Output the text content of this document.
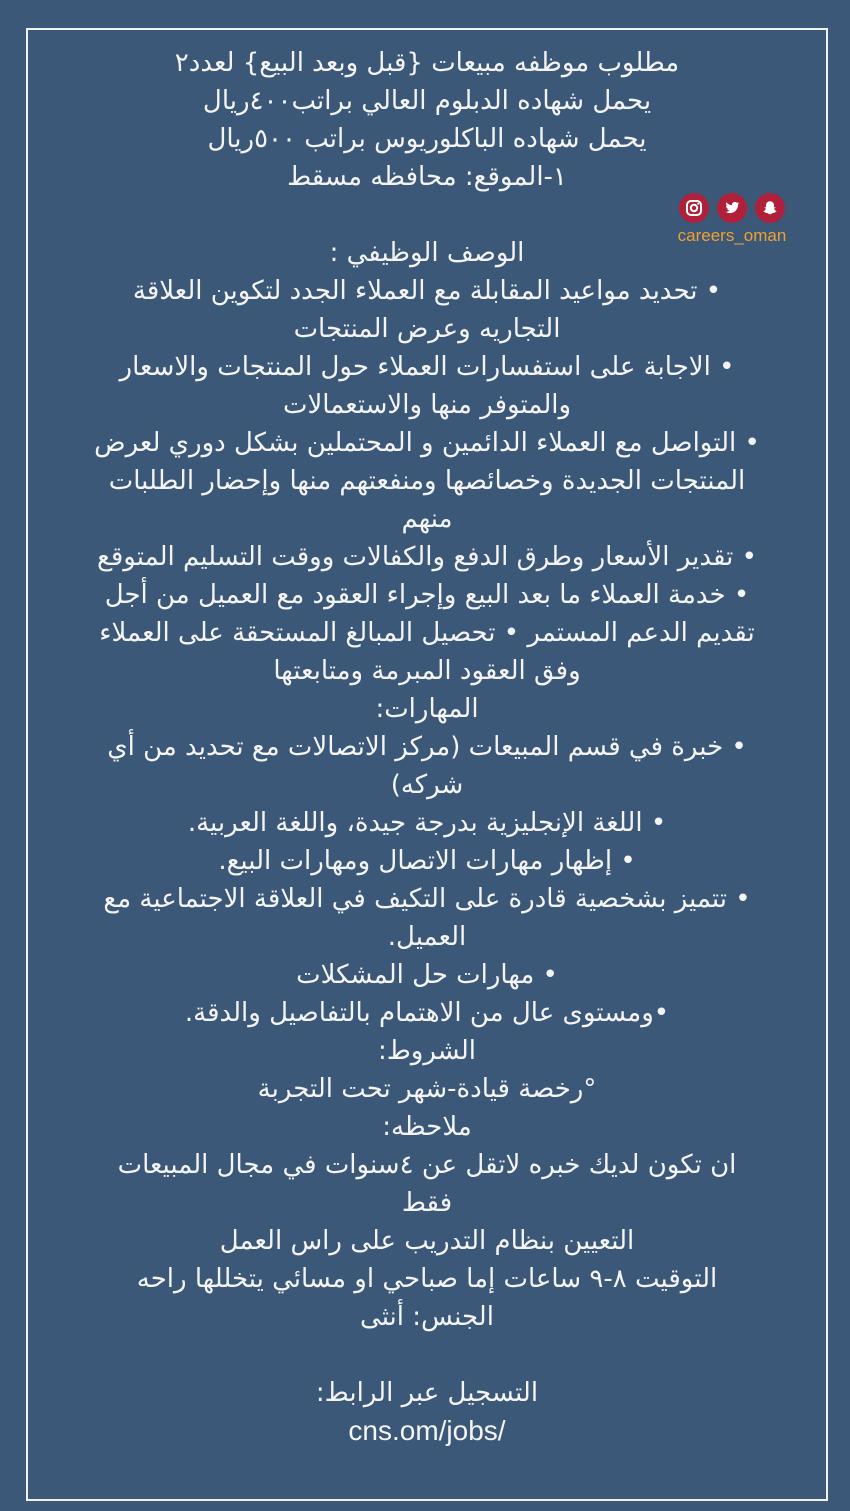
مطلوب موظفه مبيعات {قبل وبعد البيع} لعدد٢

يحمل شهاده الدبلوم العالي براتب٤٠٠ريال

يحمل شهاده الباكلوريوس براتب ٥٠٠ريال

١-الموقع: محافظه مسقط

الوصف الوظيفي :

• تحديد مواعيد المقابلة مع العملاء الجدد لتكوين العلاقة

التجاريه وعرض المنتجات

• الاجابة على استفسارات العملاء حول المنتجات والاسعار

والمتوفر منها والاستعمالات

• التواصل مع العملاء الدائمين و المحتملين بشكل دوري لعرض

المنتجات الجديدة وخصائصها ومنفعتهم منها وإحضار الطلبات

منهم

• تقدير الأسعار وطرق الدفع والكفالات ووقت التسليم المتوقع

• خدمة العملاء ما بعد البيع وإجراء العقود مع العميل من أجل

تقديم الدعم المستمر • تحصيل المبالغ المستحقة على العملاء

وفق العقود المبرمة ومتابعتها

المهارات:

• خبرة في قسم المبيعات (مركز الاتصالات مع تحديد من أي

شركه)

• اللغة الإنجليزية بدرجة جيدة، واللغة العربية.

• إظهار مهارات الاتصال ومهارات البيع.

• تتميز بشخصية قادرة على التكيف في العلاقة الاجتماعية مع

العميل.

• مهارات حل المشكلات

•ومستوى عال من الاهتمام بالتفاصيل والدقة.

الشروط:

°رخصة قيادة-شهر تحت التجربة

ملاحظه:

ان تكون لديك خبره لاتقل عن ٤سنوات في مجال المبيعات

فقط

التعيين بنظام التدريب على راس العمل

التوقيت ٨-٩ ساعات إما صباحي او مسائي يتخللها راحه

الجنس: أنثى

التسجيل عبر الرابط:

cns.om/jobs/

careers_oman
